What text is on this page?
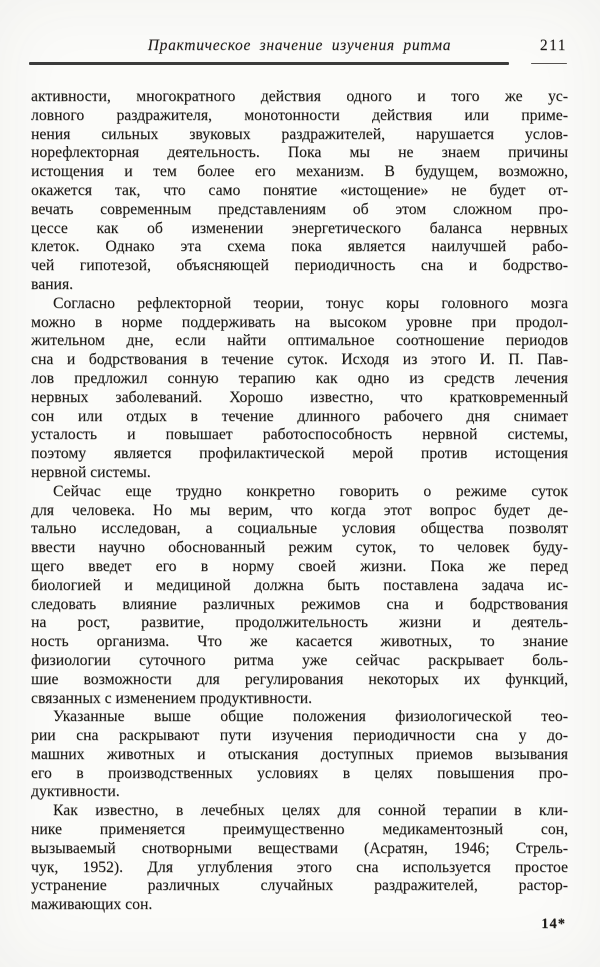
Практическое значение изучения ритма	211
активности, многократного действия одного и того же ус-
ловного раздражителя, монотонности действия или приме-
нения сильных звуковых раздражителей, нарушается услов-
норефлекторная деятельность. Пока мы не знаем причины
истощения и тем более его механизм. В будущем, возможно,
окажется так, что само понятие «истощение» не будет от-
вечать современным представлениям об этом сложном про-
цессе как об изменении энергетического баланса нервных
клеток. Однако эта схема пока является наилучшей рабо-
чей гипотезой, объясняющей периодичность сна и бодрство-
вания.
Согласно рефлекторной теории, тонус коры головного мозга
можно в норме поддерживать на высоком уровне при продол-
жительном дне, если найти оптимальное соотношение периодов
сна и бодрствования в течение суток. Исходя из этого И. П. Пав-
лов предложил сонную терапию как одно из средств лечения
нервных заболеваний. Хорошо известно, что кратковременный
сон или отдых в течение длинного рабочего дня снимает
усталость и повышает работоспособность нервной системы,
поэтому является профилактической мерой против истощения
нервной системы.
Сейчас еще трудно конкретно говорить о режиме суток
для человека. Но мы верим, что когда этот вопрос будет де-
тально исследован, а социальные условия общества позволят
ввести научно обоснованный режим суток, то человек буду-
щего введет его в норму своей жизни. Пока же перед
биологией и медициной должна быть поставлена задача ис-
следовать влияние различных режимов сна и бодрствования
на рост, развитие, продолжительность жизни и деятель-
ность организма. Что же касается животных, то знание
физиологии суточного ритма уже сейчас раскрывает боль-
шие возможности для регулирования некоторых их функций,
связанных с изменением продуктивности.
Указанные выше общие положения физиологической тео-
рии сна раскрывают пути изучения периодичности сна у до-
машних животных и отыскания доступных приемов вызывания
его в производственных условиях в целях повышения про-
дуктивности.
Как известно, в лечебных целях для сонной терапии в кли-
нике применяется преимущественно медикаментозный сон,
вызываемый снотворными веществами (Асратян, 1946; Стрель-
чук, 1952). Для углубления этого сна используется простое
устранение различных случайных раздражителей, растор-
маживающих сон.
14*
